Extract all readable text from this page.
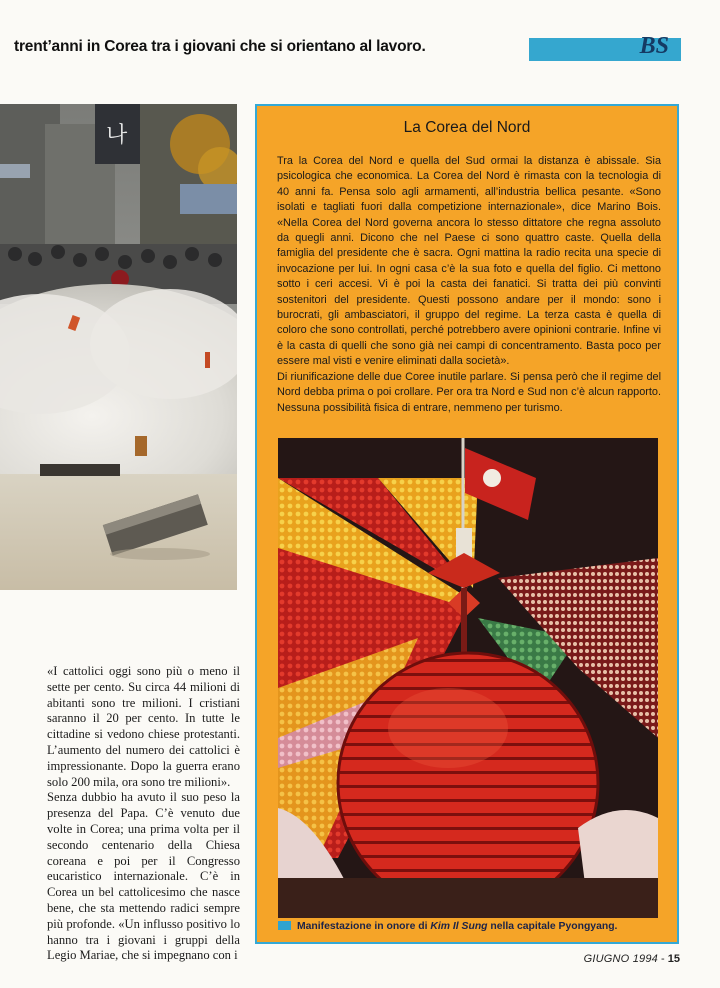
trent’anni in Corea tra i giovani che si orientano al lavoro.	BS
나

«I cattolici oggi sono più o meno il sette per cento. Su circa 44 milioni di abitanti sono tre milioni. I cristiani saranno il 20 per cento. In tutte le cittadine si vedono chiese protestanti. L’aumento del numero dei cattolici è impressionante. Dopo la guerra erano solo 200 mila, ora sono tre milioni».

Senza dubbio ha avuto il suo peso la presenza del Papa. C’è venuto due volte in Corea; una prima volta per il secondo centenario della Chiesa coreana e poi per il Congresso eucaristico internazionale. C’è in Corea un bel cattolicesimo che nasce bene, che sta mettendo radici sempre più profonde. «Un influsso positivo lo hanno tra i giovani i gruppi della Legio Mariae, che si impegnano con i

La Corea del Nord

Tra la Corea del Nord e quella del Sud ormai la distanza è abissale. Sia psicologica che economica. La Corea del Nord è rimasta con la tecnologia di 40 anni fa. Pensa solo agli armamenti, all’industria bellica pesante. «Sono isolati e tagliati fuori dalla competizione internazionale», dice Marino Bois. «Nella Corea del Nord governa ancora lo stesso dittatore che regna assoluto da quegli anni. Dicono che nel Paese ci sono quattro caste. Quella della famiglia del presidente che è sacra. Ogni mattina la radio recita una specie di invocazione per lui. In ogni casa c’è la sua foto e quella del figlio. Ci mettono sotto i ceri accesi. Vi è poi la casta dei fanatici. Si tratta dei più convinti sostenitori del presidente. Questi possono andare per il mondo: sono i burocrati, gli ambasciatori, il gruppo del regime. La terza casta è quella di coloro che sono controllati, perché potrebbero avere opinioni contrarie. Infine vi è la casta di quelli che sono già nei campi di concentramento. Basta poco per essere mal visti e venire eliminati dalla società».

Di riunificazione delle due Coree inutile parlare. Si pensa però che il regime del Nord debba prima o poi crollare. Per ora tra Nord e Sud non c’è alcun rapporto. Nessuna possibilità fisica di entrare, nemmeno per turismo.

Manifestazione in onore di Kim Il Sung nella capitale Pyongyang.
GIUGNO 1994 - 15
